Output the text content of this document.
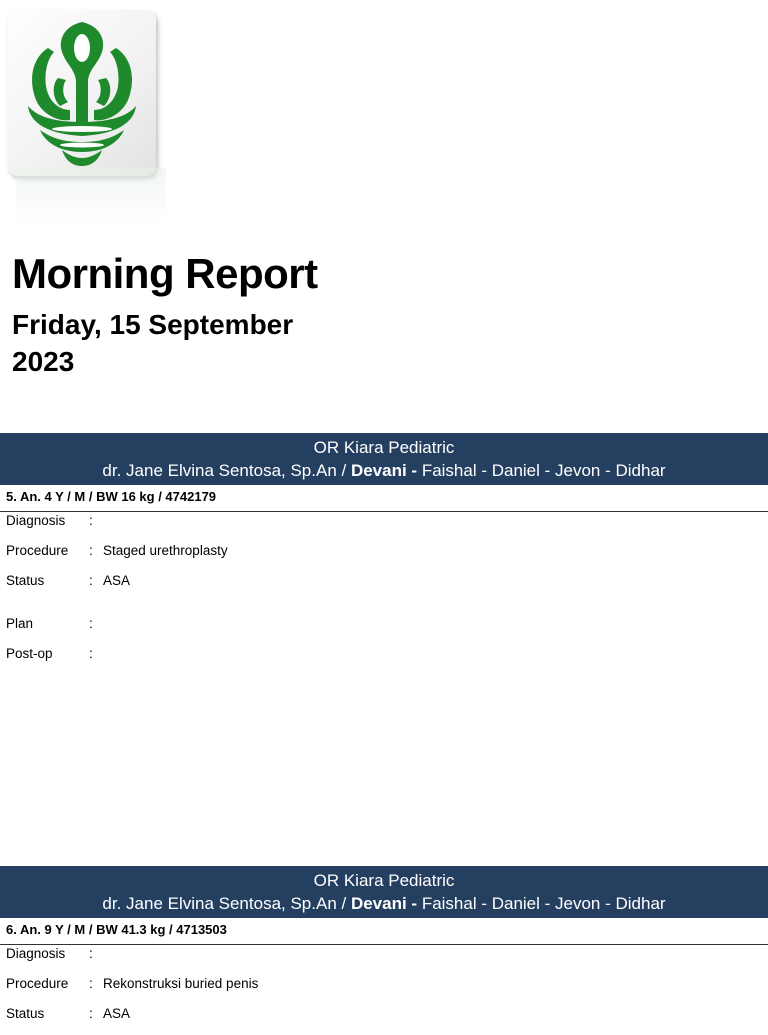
Morning Report
Friday, 15 September
2023
OR Kiara Pediatric
dr. Jane Elvina Sentosa, Sp.An / Devani - Faishal - Daniel - Jevon - Didhar
5. An. 4 Y / M / BW 16 kg / 4742179
Diagnosis :
Procedure : Staged urethroplasty
Status	: ASA
Plan	:
Post-op	:
OR Kiara Pediatric
dr. Jane Elvina Sentosa, Sp.An / Devani - Faishal - Daniel - Jevon - Didhar
6. An. 9 Y / M / BW 41.3 kg / 4713503
Diagnosis :
Procedure : Rekonstruksi buried penis
Status	: ASA
